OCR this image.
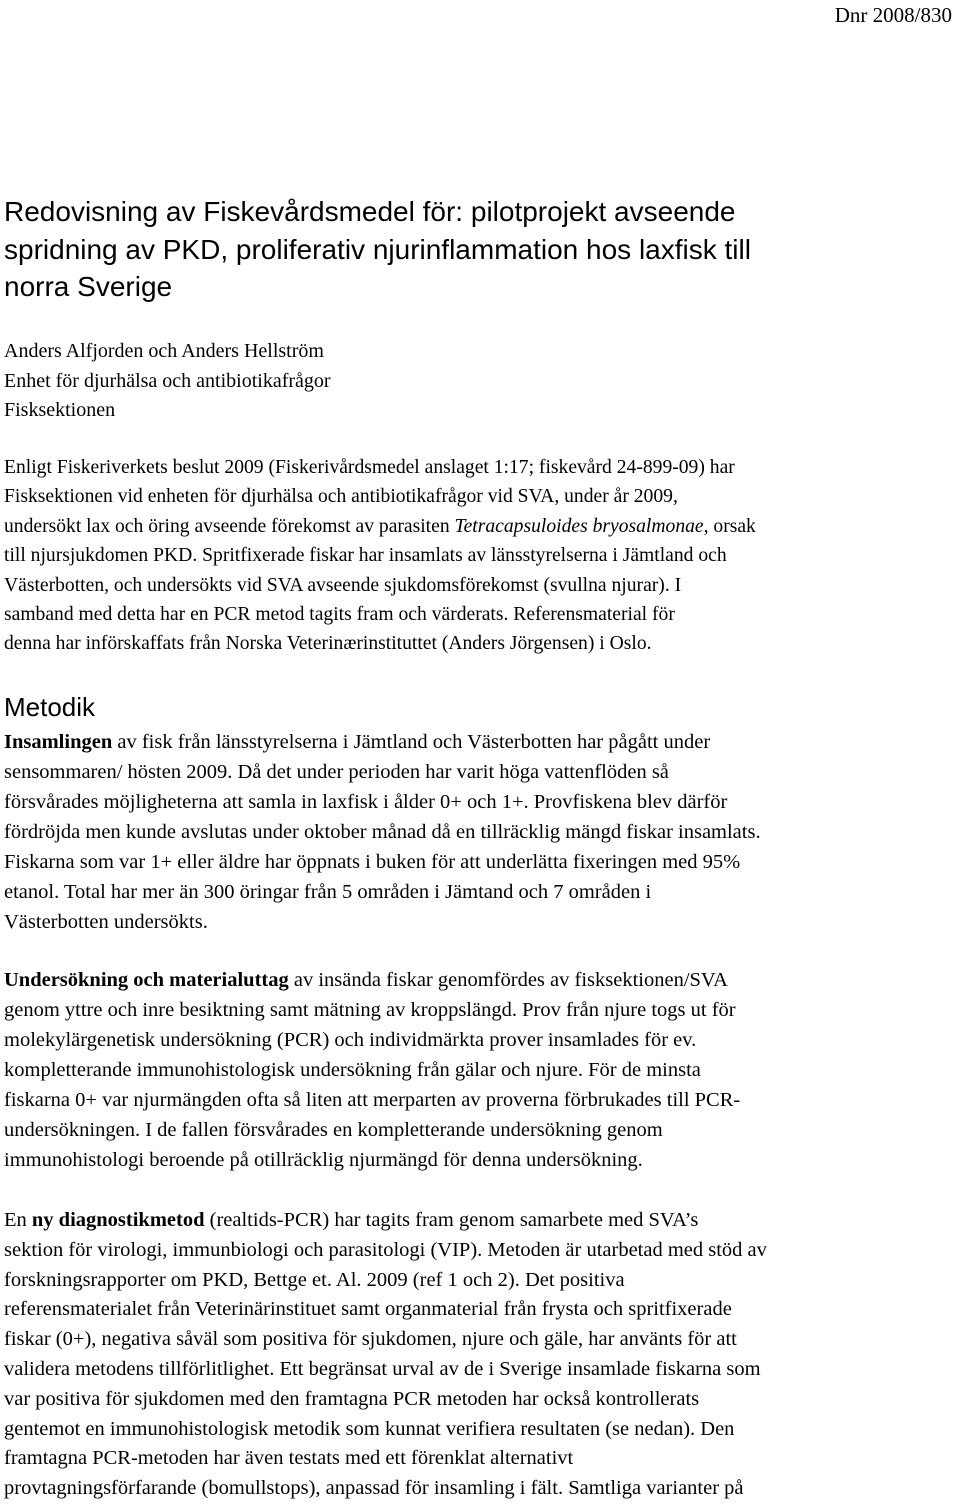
Dnr 2008/830
Redovisning av Fiskevårdsmedel för: pilotprojekt avseende
spridning av PKD, proliferativ njurinflammation hos laxfisk till
norra Sverige
Anders Alfjorden och Anders Hellström
Enhet för djurhälsa och antibiotikafrågor
Fisksektionen
Enligt Fiskeriverkets beslut 2009 (Fiskerivårdsmedel anslaget 1:17; fiskevård 24-899-09) har
Fisksektionen vid enheten för djurhälsa och antibiotikafrågor vid SVA, under år 2009,
undersökt lax och öring avseende förekomst av parasiten Tetracapsuloides bryosalmonae, orsak
till njursjukdomen PKD. Spritfixerade fiskar har insamlats av länsstyrelserna i Jämtland och
Västerbotten, och undersökts vid SVA avseende sjukdomsförekomst (svullna njurar). I
samband med detta har en PCR metod tagits fram och värderats. Referensmaterial för
denna har införskaffats från Norska Veterinærinstituttet (Anders Jörgensen) i Oslo.
Metodik
Insamlingen av fisk från länsstyrelserna i Jämtland och Västerbotten har pågått under
sensommaren/ hösten 2009. Då det under perioden har varit höga vattenflöden så
försvårades möjligheterna att samla in laxfisk i ålder 0+ och 1+. Provfiskena blev därför
fördröjda men kunde avslutas under oktober månad då en tillräcklig mängd fiskar insamlats.
Fiskarna som var 1+ eller äldre har öppnats i buken för att underlätta fixeringen med 95%
etanol. Total har mer än 300 öringar från 5 områden i Jämtand och 7 områden i
Västerbotten undersökts.
Undersökning och materialuttag av insända fiskar genomfördes av fisksektionen/SVA
genom yttre och inre besiktning samt mätning av kroppslängd. Prov från njure togs ut för
molekylärgenetisk undersökning (PCR) och individmärkta prover insamlades för ev.
kompletterande immunohistologisk undersökning från gälar och njure. För de minsta
fiskarna 0+ var njurmängden ofta så liten att merparten av proverna förbrukades till PCR-
undersökningen. I de fallen försvårades en kompletterande undersökning genom
immunohistologi beroende på otillräcklig njurmängd för denna undersökning.
En ny diagnostikmetod (realtids-PCR) har tagits fram genom samarbete med SVA’s
sektion för virologi, immunbiologi och parasitologi (VIP). Metoden är utarbetad med stöd av
forskningsrapporter om PKD, Bettge et. Al. 2009 (ref 1 och 2). Det positiva
referensmaterialet från Veterinärinstituet samt organmaterial från frysta och spritfixerade
fiskar (0+), negativa såväl som positiva för sjukdomen, njure och gäle, har använts för att
validera metodens tillförlitlighet. Ett begränsat urval av de i Sverige insamlade fiskarna som
var positiva för sjukdomen med den framtagna PCR metoden har också kontrollerats
gentemot en immunohistologisk metodik som kunnat verifiera resultaten (se nedan). Den
framtagna PCR-metoden har även testats med ett förenklat alternativt
provtagningsförfarande (bomullstops), anpassad för insamling i fält. Samtliga varianter på
